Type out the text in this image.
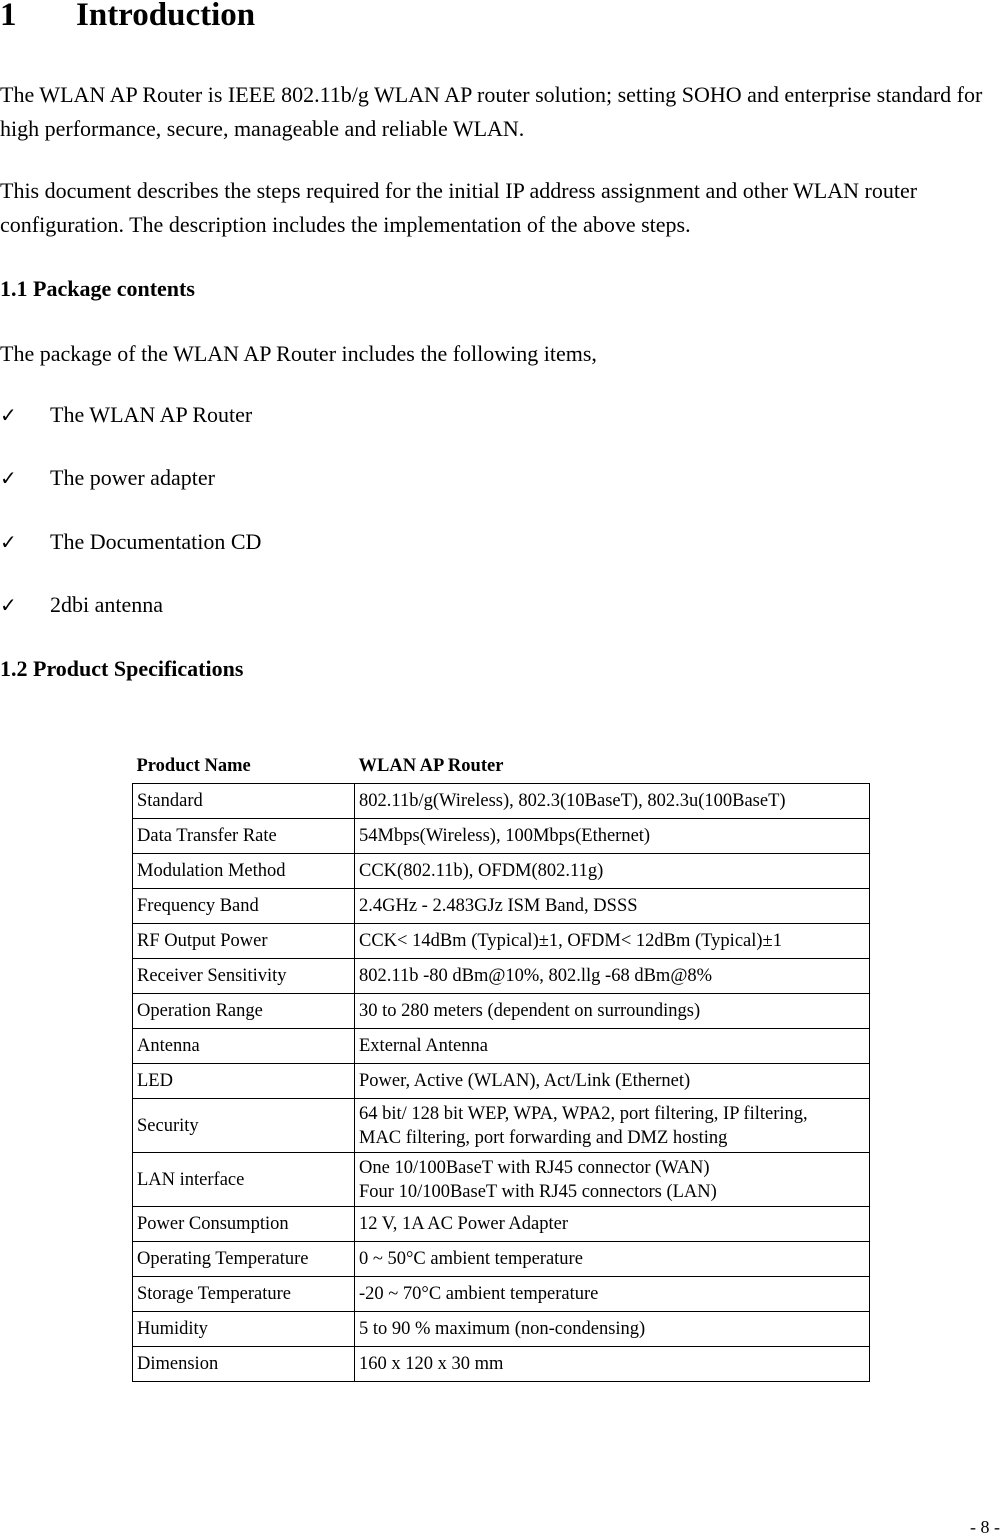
1 Introduction

The WLAN AP Router is IEEE 802.11b/g WLAN AP router solution; setting SOHO and enterprise standard for high performance, secure, manageable and reliable WLAN.

This document describes the steps required for the initial IP address assignment and other WLAN router configuration. The description includes the implementation of the above steps.

1.1 Package contents

The package of the WLAN AP Router includes the following items,

✓ The WLAN AP Router
✓ The power adapter
✓ The Documentation CD
✓ 2dbi antenna
1.2 Product Specifications
Product Name	WLAN AP Router
Standard	802.11b/g(Wireless), 802.3(10BaseT), 802.3u(100BaseT)

Data Transfer Rate	54Mbps(Wireless), 100Mbps(Ethernet)

Modulation Method	CCK(802.11b), OFDM(802.11g)

Frequency Band	2.4GHz - 2.483GJz ISM Band, DSSS

RF Output Power	CCK< 14dBm (Typical)±1, OFDM< 12dBm (Typical)±1

Receiver Sensitivity	802.11b -80 dBm@10%, 802.llg -68 dBm@8%

Operation Range	30 to 280 meters (dependent on surroundings)

Antenna	External Antenna

LED	Power, Active (WLAN), Act/Link (Ethernet)

Security	64 bit/ 128 bit WEP, WPA, WPA2, port filtering, IP filtering,
MAC filtering, port forwarding and DMZ hosting

LAN interface	One 10/100BaseT with RJ45 connector (WAN)
Four 10/100BaseT with RJ45 connectors (LAN)

Power Consumption	12 V, 1A AC Power Adapter

Operating Temperature	0 ~ 50°C ambient temperature

Storage Temperature	-20 ~ 70°C ambient temperature

Humidity	5 to 90 % maximum (non-condensing)

Dimension	160 x 120 x 30 mm
- 8 -
